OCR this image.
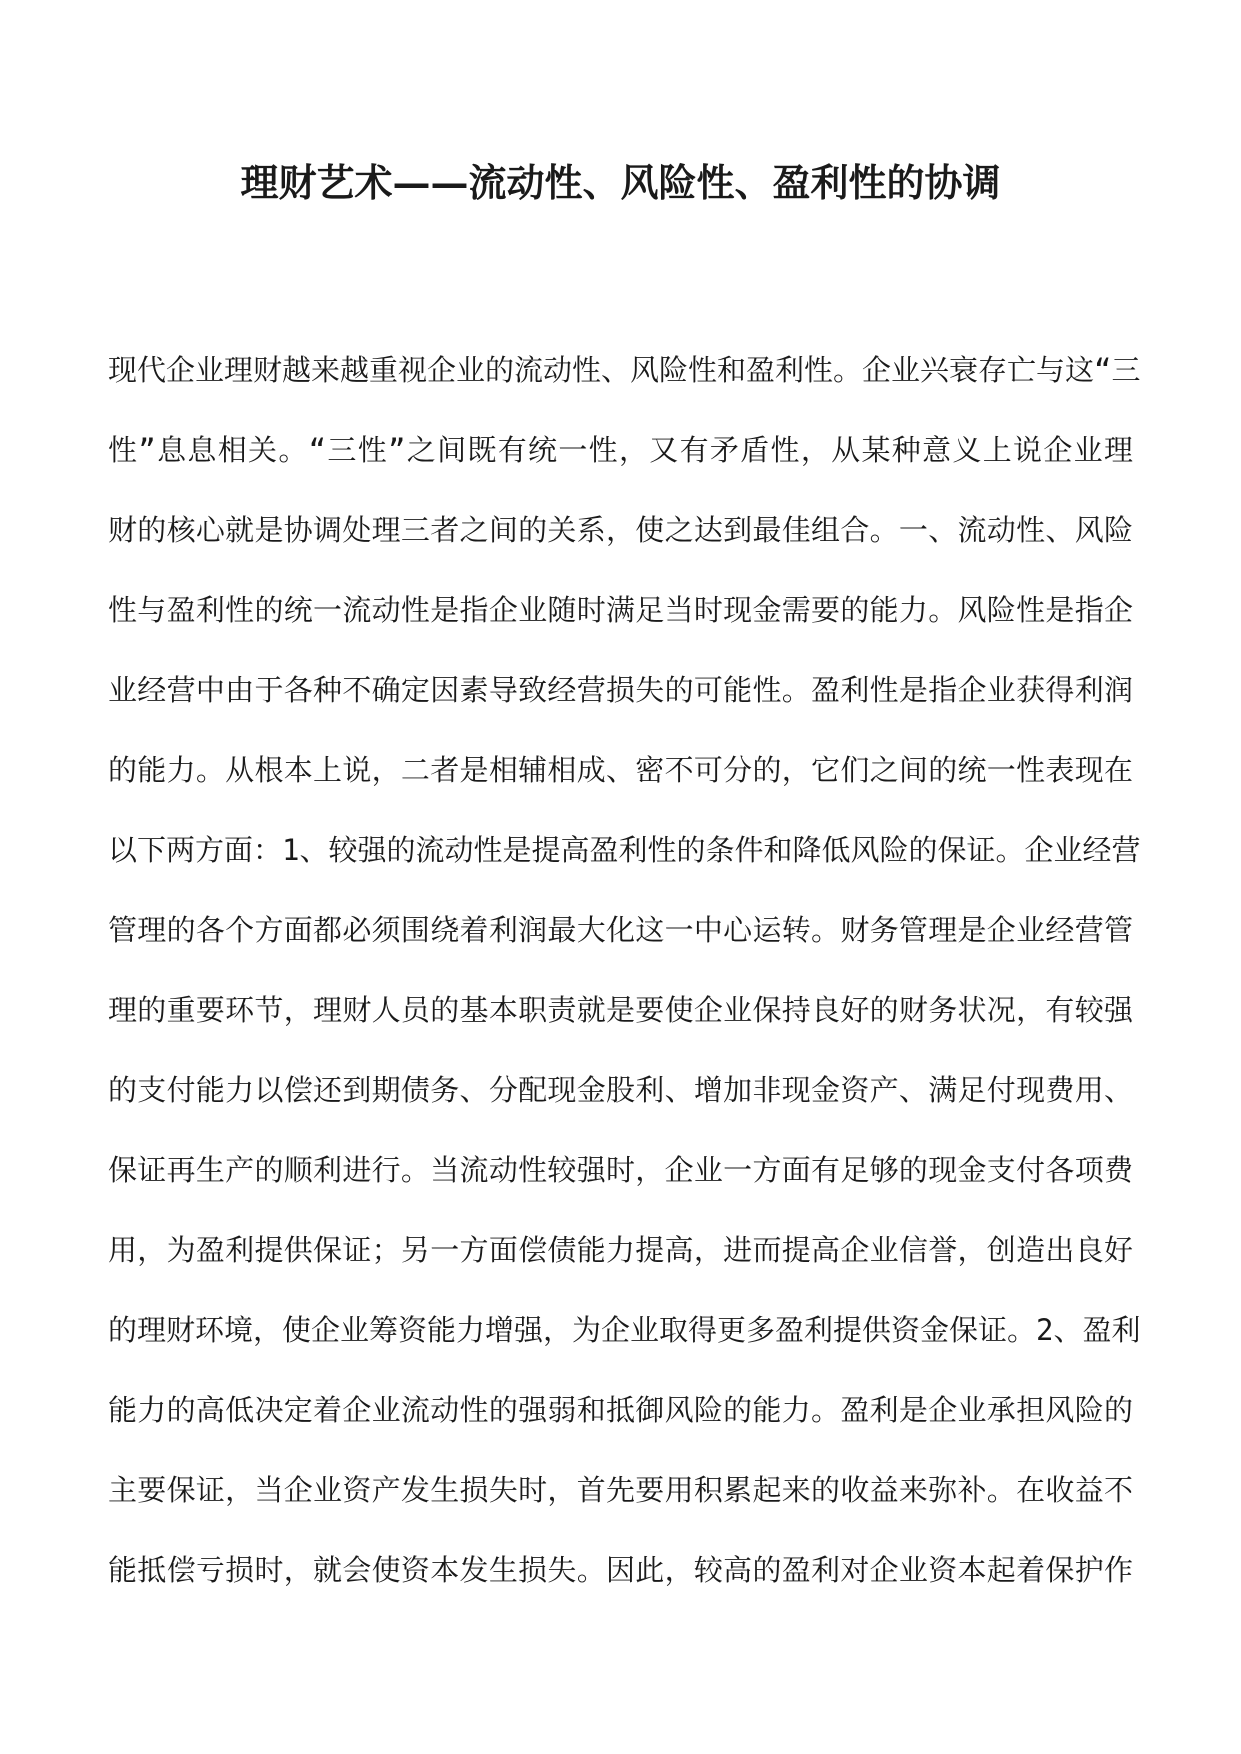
理财艺术——流动性、风险性、盈利性的协调
现代企业理财越来越重视企业的流动性、风险性和盈利性。企业兴衰存亡与这“三
性”息息相关。“三性”之间既有统一性，又有矛盾性，从某种意义上说企业理
财的核心就是协调处理三者之间的关系，使之达到最佳组合。一、流动性、风险
性与盈利性的统一流动性是指企业随时满足当时现金需要的能力。风险性是指企
业经营中由于各种不确定因素导致经营损失的可能性。盈利性是指企业获得利润
的能力。从根本上说，二者是相辅相成、密不可分的，它们之间的统一性表现在
以下两方面：1、较强的流动性是提高盈利性的条件和降低风险的保证。企业经营
管理的各个方面都必须围绕着利润最大化这一中心运转。财务管理是企业经营管
理的重要环节，理财人员的基本职责就是要使企业保持良好的财务状况，有较强
的支付能力以偿还到期债务、分配现金股利、增加非现金资产、满足付现费用、
保证再生产的顺利进行。当流动性较强时，企业一方面有足够的现金支付各项费
用，为盈利提供保证；另一方面偿债能力提高，进而提高企业信誉，创造出良好
的理财环境，使企业筹资能力增强，为企业取得更多盈利提供资金保证。2、盈利
能力的高低决定着企业流动性的强弱和抵御风险的能力。盈利是企业承担风险的
主要保证，当企业资产发生损失时，首先要用积累起来的收益来弥补。在收益不
能抵偿亏损时，就会使资本发生损失。因此，较高的盈利对企业资本起着保护作
